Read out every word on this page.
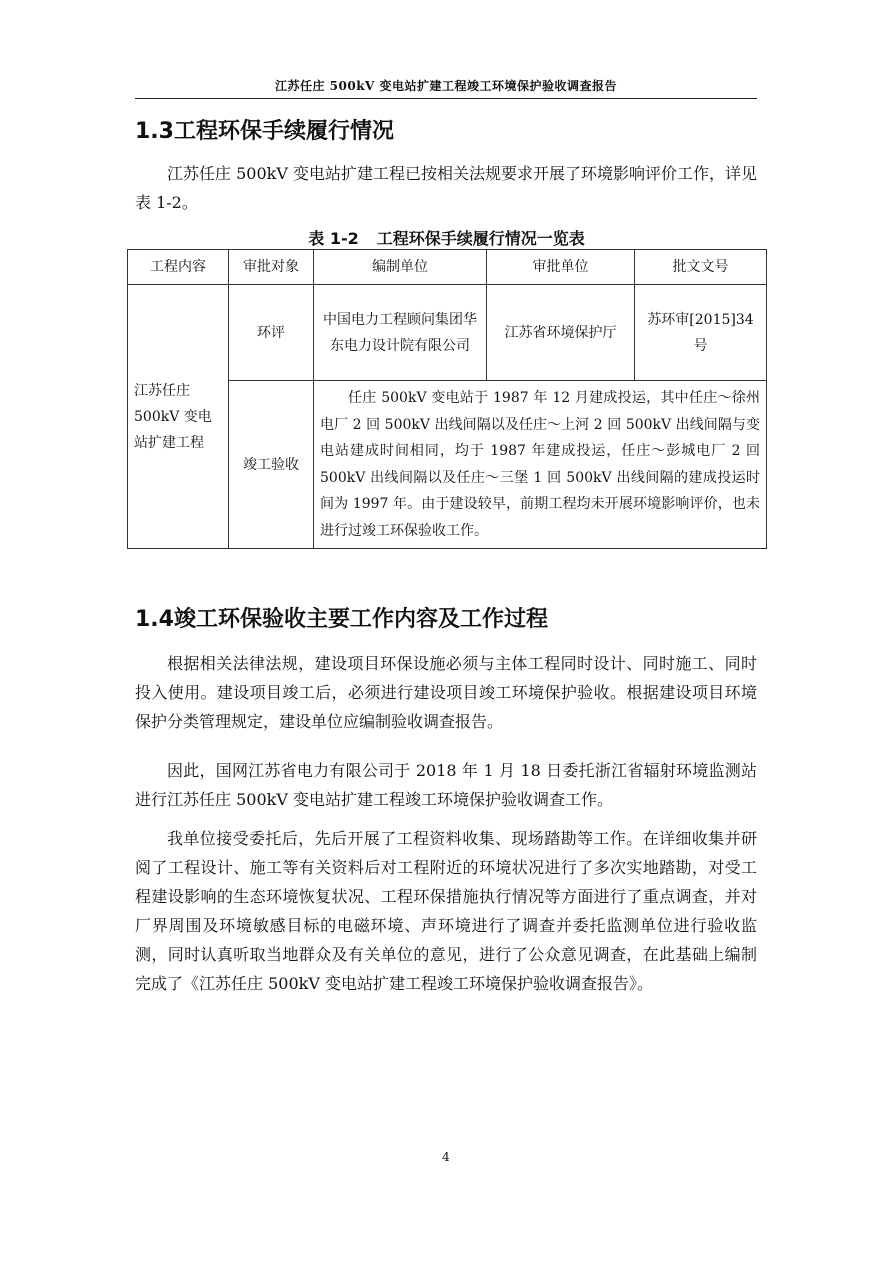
江苏任庄 500kV 变电站扩建工程竣工环境保护验收调查报告
1.3工程环保手续履行情况

江苏任庄 500kV 变电站扩建工程已按相关法规要求开展了环境影响评价工作，详见表 1-2。

表 1-2 工程环保手续履行情况一览表
工程内容	审批对象	编制单位	审批单位	批文文号
江苏任庄 500kV 变电站扩建工程	环评	中国电力工程顾问集团华东电力设计院有限公司	江苏省环境保护厅	苏环审[2015]34号
	竣工验收	任庄 500kV 变电站于 1987 年 12 月建成投运，其中任庄～徐州电厂 2 回 500kV 出线间隔以及任庄～上河 2 回 500kV 出线间隔与变电站建成时间相同，均于 1987 年建成投运，任庄～彭城电厂 2 回 500kV 出线间隔以及任庄～三堡 1 回 500kV 出线间隔的建成投运时间为 1997 年。由于建设较早，前期工程均未开展环境影响评价，也未进行过竣工环保验收工作。		
1.4竣工环保验收主要工作内容及工作过程

根据相关法律法规，建设项目环保设施必须与主体工程同时设计、同时施工、同时投入使用。建设项目竣工后，必须进行建设项目竣工环境保护验收。根据建设项目环境保护分类管理规定，建设单位应编制验收调查报告。

因此，国网江苏省电力有限公司于 2018 年 1 月 18 日委托浙江省辐射环境监测站进行江苏任庄 500kV 变电站扩建工程竣工环境保护验收调查工作。

我单位接受委托后，先后开展了工程资料收集、现场踏勘等工作。在详细收集并研阅了工程设计、施工等有关资料后对工程附近的环境状况进行了多次实地踏勘，对受工程建设影响的生态环境恢复状况、工程环保措施执行情况等方面进行了重点调查，并对厂界周围及环境敏感目标的电磁环境、声环境进行了调查并委托监测单位进行验收监测，同时认真听取当地群众及有关单位的意见，进行了公众意见调查，在此基础上编制完成了《江苏任庄 500kV 变电站扩建工程竣工环境保护验收调查报告》。

4
